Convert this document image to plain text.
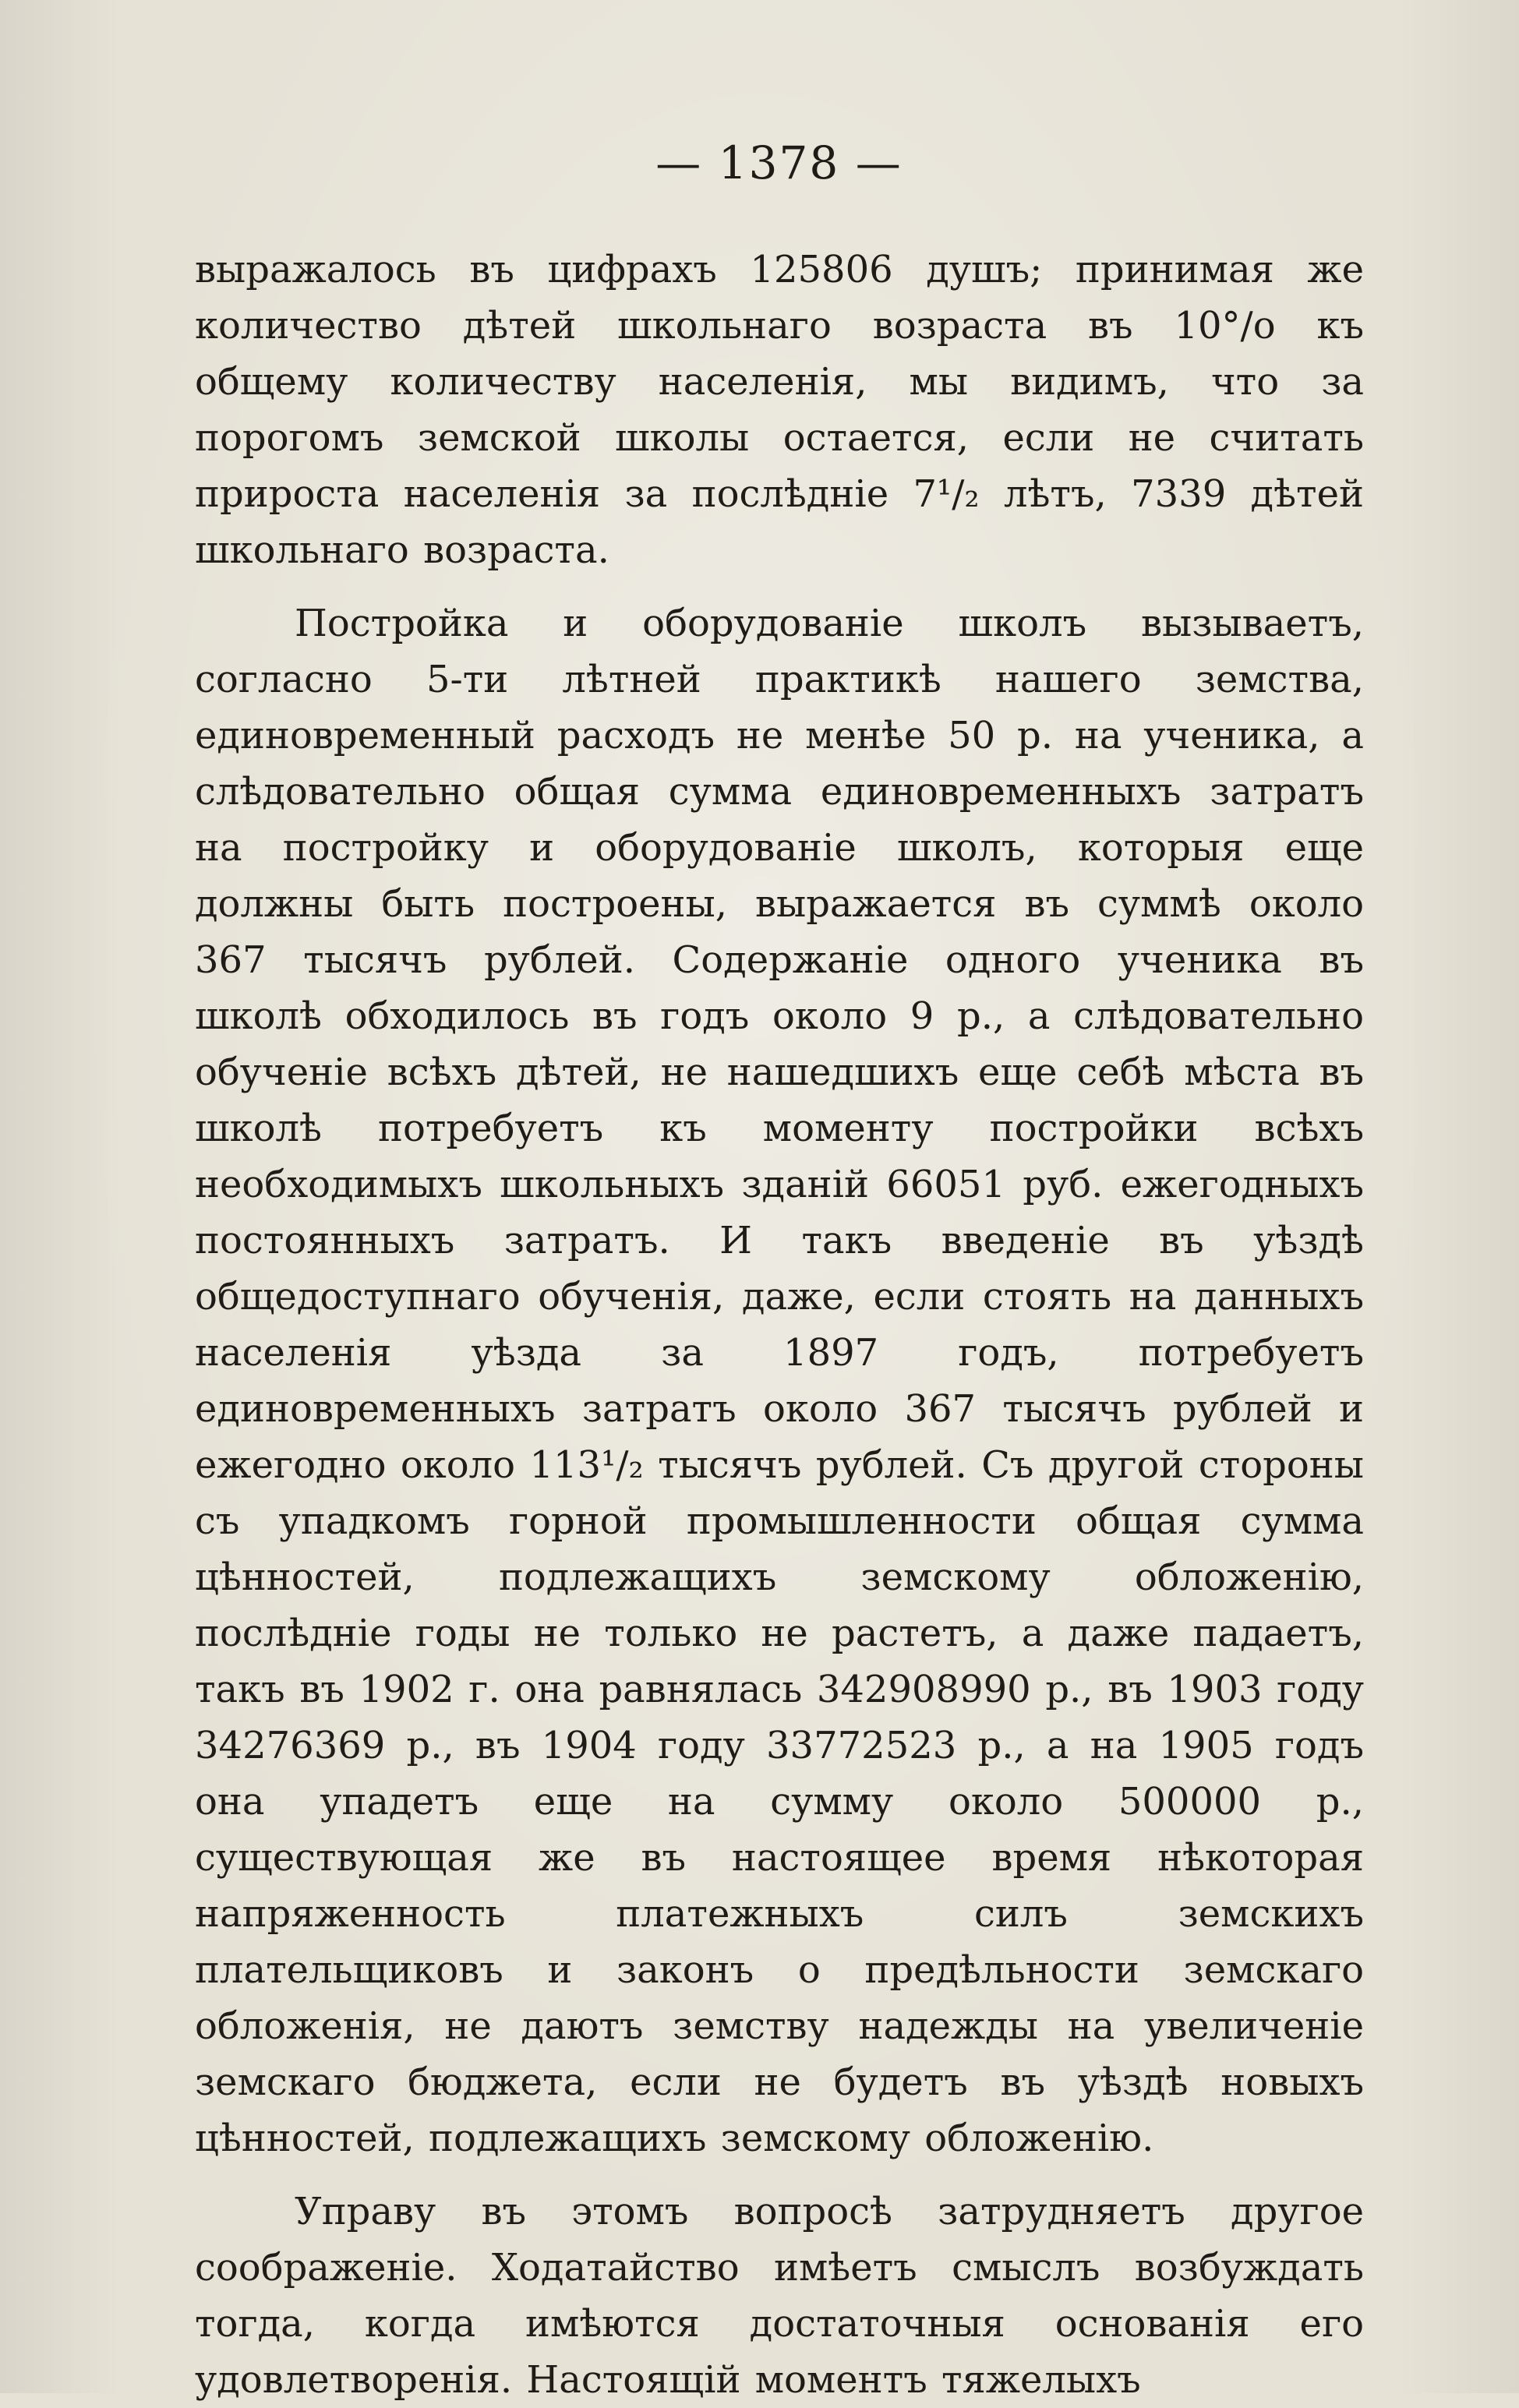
— 1378 —

выражалось въ цифрахъ 125806 душъ; принимая же количество дѣтей школьнаго возраста въ 10°/о къ общему количеству населенія, мы видимъ, что за порогомъ земской школы остается, если не считать прироста населенія за послѣдніе 7¹/₂ лѣтъ, 7339 дѣтей школьнаго возраста.

Постройка и оборудованіе школъ вызываетъ, согласно 5-ти лѣтней практикѣ нашего земства, единовременный расходъ не менѣе 50 р. на ученика, а слѣдовательно общая сумма единовременныхъ затратъ на постройку и оборудованіе школъ, которыя еще должны быть построены, выражается въ суммѣ около 367 тысячъ рублей. Содержаніе одного ученика въ школѣ обходилось въ годъ около 9 р., а слѣдовательно обученіе всѣхъ дѣтей, не нашедшихъ еще себѣ мѣста въ школѣ потребуетъ къ моменту постройки всѣхъ необходимыхъ школьныхъ зданій 66051 руб. ежегодныхъ постоянныхъ затратъ. И такъ введеніе въ уѣздѣ общедоступнаго обученія, даже, если стоять на данныхъ населенія уѣзда за 1897 годъ, потребуетъ единовременныхъ затратъ около 367 тысячъ рублей и ежегодно около 113¹/₂ тысячъ рублей. Съ другой стороны съ упадкомъ горной промышленности общая сумма цѣнностей, подлежащихъ земскому обложенію, послѣдніе годы не только не растетъ, а даже падаетъ, такъ въ 1902 г. она равнялась 342908990 р., въ 1903 году 34276369 р., въ 1904 году 33772523 р., а на 1905 годъ она упадетъ еще на сумму около 500000 р., существующая же въ настоящее время нѣкоторая напряженность платежныхъ силъ земскихъ плательщиковъ и законъ о предѣльности земскаго обложенія, не даютъ земству надежды на увеличеніе земскаго бюджета, если не будетъ въ уѣздѣ новыхъ цѣнностей, подлежащихъ земскому обложенію.

Управу въ этомъ вопросѣ затрудняетъ другое соображеніе. Ходатайство имѣетъ смыслъ возбуждать тогда, когда имѣются достаточныя основанія его удовлетворенія. Настоящій моментъ тяжелыхъ
